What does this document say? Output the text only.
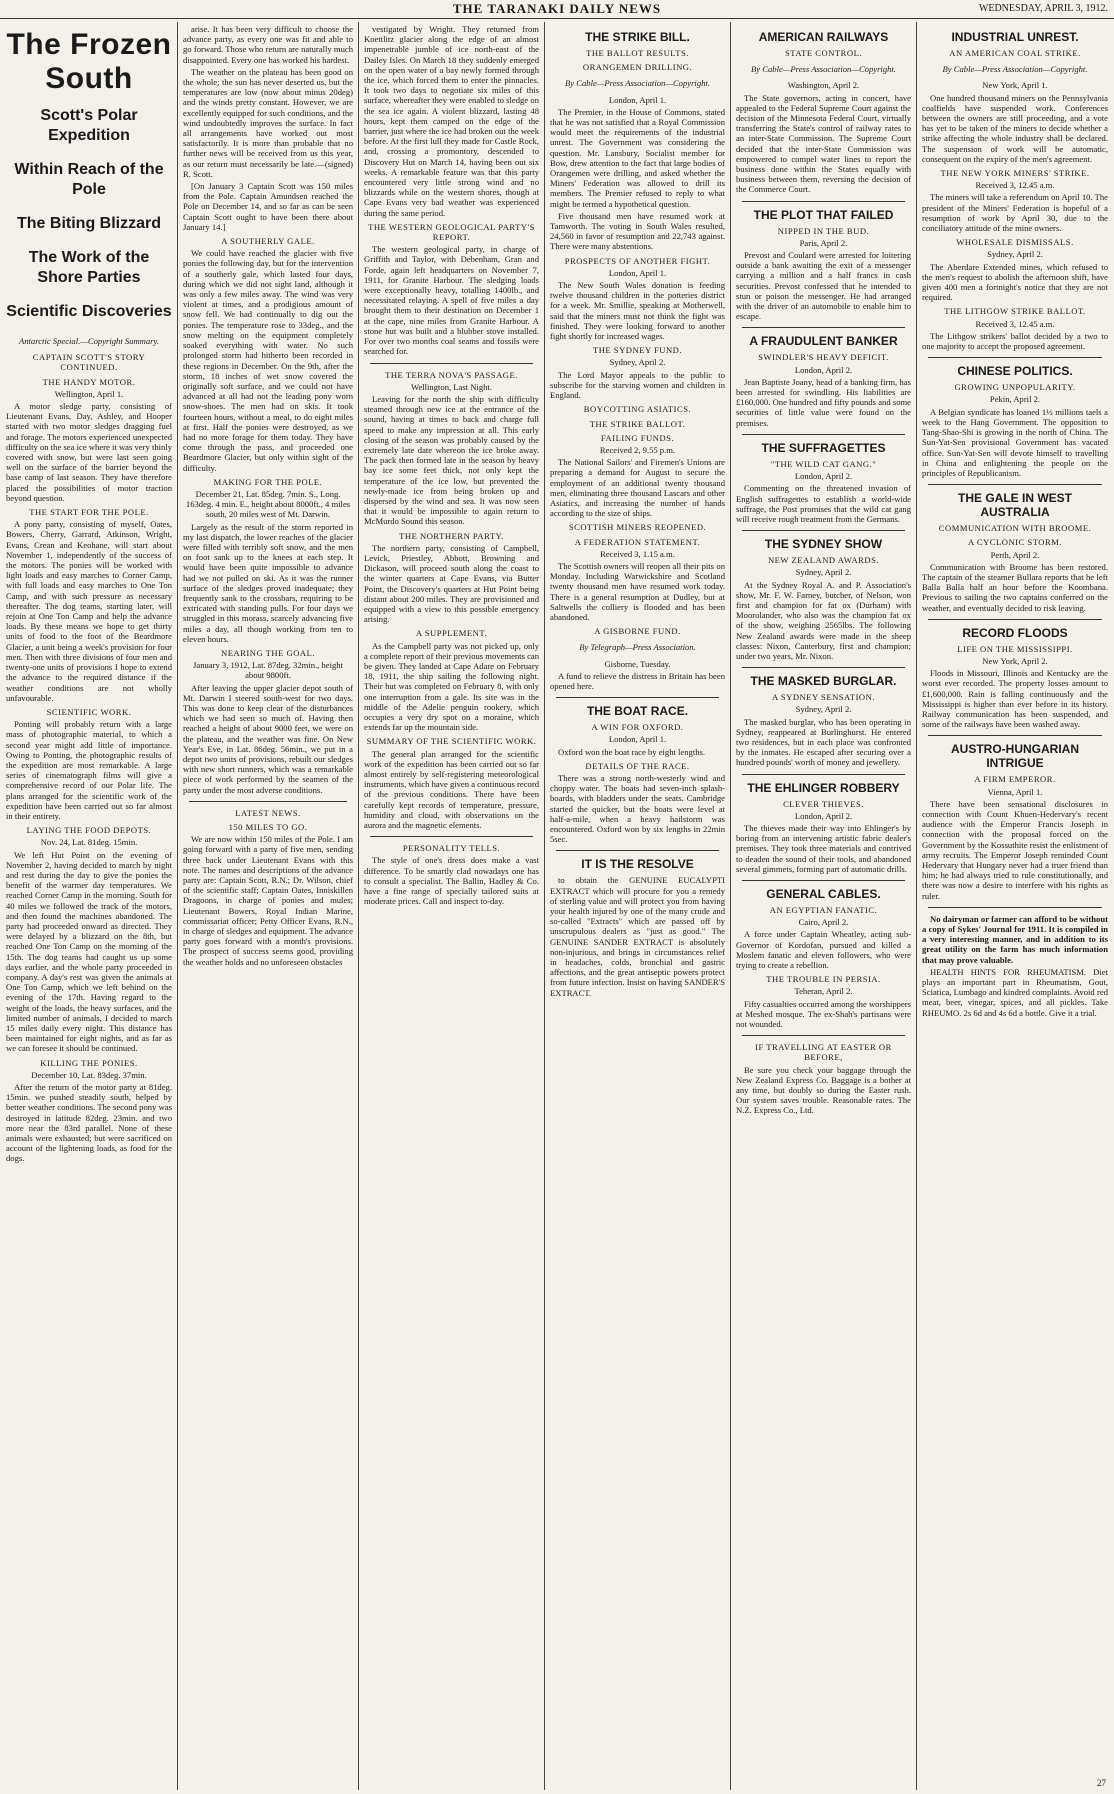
THE TARANAKI DAILY NEWS	WEDNESDAY, APRIL 3, 1912.
The Frozen South
Scott's Polar Expedition
Within Reach of the Pole
The Biting Blizzard
The Work of the Shore Parties
Scientific Discoveries
Antarctic Special.—Copyright Summary.
CAPTAIN SCOTT'S STORY CONTINUED.
THE HANDY MOTOR.
Wellington, April 1.

A motor sledge party, consisting of Lieutenant Evans, Day, Ashley, and Hooper started with two motor sledges dragging fuel and forage. The motors experienced unexpected difficulty on the sea ice where it was very thinly covered with snow, but were last seen going well on the surface of the barrier beyond the base camp of last season. They have therefore placed the possibilities of motor traction beyond question.

THE START FOR THE POLE.

A pony party, consisting of myself, Oates, Bowers, Cherry, Garrard, Atkinson, Wright, Evans, Crean and Keohane, will start about November 1, independently of the success of the motors. The ponies will be worked with light loads and easy marches to Corner Camp, with full loads and easy marches to One Ton Camp, and with such pressure as necessary thereafter. The dog teams, starting later, will rejoin at One Ton Camp and help the advance loads. By these means we hope to get thirty units of food to the foot of the Beardmore Glacier, a unit being a week's provision for four men. Then with three divisions of four men and twenty-one units of provisions I hope to extend the advance to the required distance if the weather conditions are not wholly unfavourable.

SCIENTIFIC WORK.

Ponting will probably return with a large mass of photographic material, to which a second year might add little of importance. Owing to Ponting, the photographic results of the expedition are most remarkable. A large series of cinematograph films will give a comprehensive record of our Polar life. The plans arranged for the scientific work of the expedition have been carried out so far almost in their entirety.

LAYING THE FOOD DEPOTS.
Nov. 24, Lat. 81deg. 15min.

We left Hut Point on the evening of November 2, having decided to march by night and rest during the day to give the ponies the benefit of the warmer day temperatures. We reached Corner Camp in the morning. South for 40 miles we followed the track of the motors, and then found the machines abandoned. The party had proceeded onward as directed. They were delayed by a blizzard on the 8th, but reached One Ton Camp on the morning of the 15th. The dog teams had caught us up some days earlier, and the whole party proceeded in company. A day's rest was given the animals at One Ton Camp, which we left behind on the evening of the 17th. Having regard to the weight of the loads, the heavy surfaces, and the limited number of animals, I decided to march 15 miles daily every night. This distance has been maintained for eight nights, and as far as we can foresee it should be continued.

KILLING THE PONIES.
December 10, Lat. 83deg. 37min.

After the return of the motor party at 81deg. 15min. we pushed steadily south, helped by better weather conditions. The second pony was destroyed in latitude 82deg. 23min. and two more near the 83rd parallel. None of these animals were exhausted; but were sacrificed on account of the lightening loads, as food for the dogs.

arise. It has been very difficult to choose the advance party, as every one was fit and able to go forward. Those who return are naturally much disappointed. Every one has worked his hardest.

The weather on the plateau has been good on the whole; the sun has never deserted us, but the temperatures are low (now about minus 20deg) and the winds pretty constant. However, we are excellently equipped for such conditions, and the wind undoubtedly improves the surface. In fact all arrangements have worked out most satisfactorily. It is more than probable that no further news will be received from us this year, as our return must necessarily be late.—(signed) R. Scott.

[On January 3 Captain Scott was 150 miles from the Pole. Captain Amundsen reached the Pole on December 14, and so far as can be seen Captain Scott ought to have been there about January 14.]

A SOUTHERLY GALE.

We could have reached the glacier with five ponies the following day, but for the intervention of a southerly gale, which lasted four days, during which we did not sight land, although it was only a few miles away. The wind was very violent at times, and a prodigious amount of snow fell. We had continually to dig out the ponies. The temperature rose to 33deg., and the snow melting on the equipment completely soaked everything with water. No such prolonged storm had hitherto been recorded in these regions in December. On the 9th, after the storm, 18 inches of wet snow covered the originally soft surface, and we could not have advanced at all had not the leading pony worn snow-shoes. The men had on skis. It took fourteen hours, without a meal, to do eight miles at first. Half the ponies were destroyed, as we had no more forage for them today. They have come through the pass, and proceeded one Beardmore Glacier, but only within sight of the difficulty.

MAKING FOR THE POLE.
December 21, Lat. 85deg. 7min. S., Long. 163deg. 4 min. E., height about 8000ft., 4 miles south, 20 miles west of Mt. Darwin.

Largely as the result of the storm reported in my last dispatch, the lower reaches of the glacier were filled with terribly soft snow, and the men on foot sank up to the knees at each step. It would have been quite impossible to advance had we not pulled on ski. As it was the runner surface of the sledges proved inadequate; they frequently sank to the crossbars, requiring to be extricated with standing pulls. For four days we struggled in this morass, scarcely advancing five miles a day, all though working from ten to eleven hours.

NEARING THE GOAL.
January 3, 1912, Lat. 87deg. 32min., height about 9800ft.

After leaving the upper glacier depot south of Mt. Darwin I steered south-west for two days. This was done to keep clear of the disturbances which we had seen so much of. Having then reached a height of about 9000 feet, we were on the plateau, and the weather was fine. On New Year's Eve, in Lat. 86deg. 56min., we put in a depot two units of provisions, rebuilt our sledges with new short runners, which was a remarkable piece of work performed by the seamen of the party under the most adverse conditions.

LATEST NEWS.
150 MILES TO GO.

We are now within 150 miles of the Pole. I am going forward with a party of five men, sending three back under Lieutenant Evans with this note. The names and descriptions of the advance party are: Captain Scott, R.N.; Dr. Wilson, chief of the scientific staff; Captain Oates, Inniskillen Dragoons, in charge of ponies and mules; Lieutenant Bowers, Royal Indian Marine, commissariat officer; Petty Officer Evans, R.N., in charge of sledges and equipment. The advance party goes forward with a month's provisions. The prospect of success seems good, providing the weather holds and no unforeseen obstacles

vestigated by Wright. They returned from Koettlitz glacier along the edge of an almost impenetrable jumble of ice north-east of the Dailey Isles. On March 18 they suddenly emerged on the open water of a bay newly formed through the ice, which forced them to enter the pinnacles. It took two days to negotiate six miles of this surface, whereafter they were enabled to sledge on the sea ice again. A violent blizzard, lasting 48 hours, kept them camped on the edge of the barrier, just where the ice had broken out the week before. At the first lull they made for Castle Rock, and, crossing a promontory, descended to Discovery Hut on March 14, having been out six weeks. A remarkable feature was that this party encountered very little strong wind and no blizzards while on the western shores, though at Cape Evans very bad weather was experienced during the same period.

THE WESTERN GEOLOGICAL PARTY'S REPORT.

The western geological party, in charge of Griffith and Taylor, with Debenham, Gran and Forde, again left headquarters on November 7, 1911, for Granite Harbour. The sledging loads were exceptionally heavy, totalling 1400lb., and necessitated relaying. A spell of five miles a day brought them to their destination on December 1 at the cape, nine miles from Granite Harbour. A stone hut was built and a blubber stove installed. For over two months coal seams and fossils were searched for.

THE TERRA NOVA'S PASSAGE.
Wellington, Last Night.

Leaving for the north the ship with difficulty steamed through new ice at the entrance of the sound, having at times to back and charge full speed to make any impression at all. This early closing of the season was probably caused by the extremely late date whereon the ice broke away. The pack then formed late in the season by heavy bay ice some feet thick, not only kept the temperature of the ice low, but prevented the newly-made ice from being broken up and dispersed by the wind and sea. It was now seen that it would be impossible to again return to McMurdo Sound this season.

THE NORTHERN PARTY.

The northern party, consisting of Campbell, Levick, Priestley, Abbott, Browning and Dickason, will proceed south along the coast to the winter quarters at Cape Evans, via Butter Point, the Discovery's quarters at Hut Point being distant about 200 miles. They are provisioned and equipped with a view to this possible emergency arising.

A SUPPLEMENT.

As the Campbell party was not picked up, only a complete report of their previous movements can be given. They landed at Cape Adare on February 18, 1911, the ship sailing the following night. Their hut was completed on February 8, with only one interruption from a gale. Its site was in the middle of the Adelie penguin rookery, which occupies a very dry spot on a moraine, which extends far up the mountain side.

SUMMARY OF THE SCIENTIFIC WORK.

The general plan arranged for the scientific work of the expedition has been carried out so far almost entirely by self-registering meteorological instruments, which have given a continuous record of the previous conditions. There have been carefully kept records of temperature, pressure, humidity and cloud, with observations on the aurora and the magnetic elements.

PERSONALITY TELLS.

The style of one's dress does make a vast difference. To be smartly clad nowadays one has to consult a specialist. The Ballin, Hadley & Co. have a fine range of specially tailored suits at moderate prices. Call and inspect to-day.

THE STRIKE BILL.
THE BALLOT RESULTS.
ORANGEMEN DRILLING.
By Cable—Press Association—Copyright.
London, April 1.

The Premier, in the House of Commons, stated that he was not satisfied that a Royal Commission would meet the requirements of the industrial unrest. The Government was considering the question. Mr. Lansbury, Socialist member for Bow, drew attention to the fact that large bodies of Orangemen were drilling, and asked whether the Miners' Federation was allowed to drill its members. The Premier refused to reply to what might be termed a hypothetical question.

Five thousand men have resumed work at Tamworth. The voting in South Wales resulted, 24,560 in favor of resumption and 22,743 against. There were many abstentions.

PROSPECTS OF ANOTHER FIGHT.
London, April 1.

The New South Wales donation is feeding twelve thousand children in the potteries district for a week. Mr. Smillie, speaking at Motherwell, said that the miners must not think the fight was finished. They were looking forward to another fight shortly for increased wages.

THE SYDNEY FUND.
Sydney, April 2.

The Lord Mayor appeals to the public to subscribe for the starving women and children in England.

BOYCOTTING ASIATICS.
THE STRIKE BALLOT.
FAILING FUNDS.
Received 2, 9.55 p.m.

The National Sailors' and Firemen's Unions are preparing a demand for August to secure the employment of an additional twenty thousand men, eliminating three thousand Lascars and other Asiatics, and increasing the number of hands according to the size of ships.

SCOTTISH MINERS REOPENED.
A FEDERATION STATEMENT.
Received 3, 1.15 a.m.

The Scottish owners will reopen all their pits on Monday. Including Warwickshire and Scotland twenty thousand men have resumed work today. There is a general resumption at Dudley, but at Saltwells the colliery is flooded and has been abandoned.

A GISBORNE FUND.
By Telegraph—Press Association.
Gisborne, Tuesday.

A fund to relieve the distress in Britain has been opened here.

THE BOAT RACE.
A WIN FOR OXFORD.
London, April 1.

Oxford won the boat race by eight lengths.

DETAILS OF THE RACE.

There was a strong north-westerly wind and choppy water. The boats had seven-inch splash-boards, with bladders under the seats. Cambridge started the quicker, but the boats were level at half-a-mile, when a heavy hailstorm was encountered. Oxford won by six lengths in 22min 5sec.

IT IS THE RESOLVE

to obtain the GENUINE EUCALYPTI EXTRACT which will procure for you a remedy of sterling value and will protect you from having your health injured by one of the many crude and so-called "Extracts" which are passed off by unscrupulous dealers as "just as good." The GENUINE SANDER EXTRACT is absolutely non-injurious, and brings in circumstances relief in headaches, colds, bronchial and gastric affections, and the great antiseptic powers protect from future infection. Insist on having SANDER'S EXTRACT.

AMERICAN RAILWAYS
STATE CONTROL.
By Cable—Press Association—Copyright.
Washington, April 2.

The State governors, acting in concert, have appealed to the Federal Supreme Court against the decision of the Minnesota Federal Court, virtually transferring the State's control of railway rates to an inter-State Commission. The Supreme Court decided that the inter-State Commission was empowered to compel water lines to report the business done within the States equally with business between them, reversing the decision of the Commerce Court.

THE PLOT THAT FAILED
NIPPED IN THE BUD.
Paris, April 2.

Prevost and Coulard were arrested for loitering outside a bank awaiting the exit of a messenger carrying a million and a half francs in cash securities. Prevost confessed that he intended to stun or poison the messenger. He had arranged with the driver of an automobile to enable him to escape.

A FRAUDULENT BANKER
SWINDLER'S HEAVY DEFICIT.
London, April 2.

Jean Baptiste Joany, head of a banking firm, has been arrested for swindling. His liabilities are £160,000. One hundred and fifty pounds and some securities of little value were found on the premises.

THE SUFFRAGETTES
"THE WILD CAT GANG."
London, April 2.

Commenting on the threatened invasion of English suffragettes to establish a world-wide suffrage, the Post promises that the wild cat gang will receive rough treatment from the Germans.

THE SYDNEY SHOW
NEW ZEALAND AWARDS.
Sydney, April 2.

At the Sydney Royal A. and P. Association's show, Mr. F. W. Farney, butcher, of Nelson, won first and champion for fat ox (Durham) with Moorolander, who also was the champion fat ox of the show, weighing 2565lbs. The following New Zealand awards were made in the sheep classes: Nixon, Canterbury, first and champion; under two years, Mr. Nixon.

THE MASKED BURGLAR.
A SYDNEY SENSATION.
Sydney, April 2.

The masked burglar, who has been operating in Sydney, reappeared at Burlinghurst. He entered two residences, but in each place was confronted by the inmates. He escaped after securing over a hundred pounds' worth of money and jewellery.

THE EHLINGER ROBBERY
CLEVER THIEVES.
London, April 2.

The thieves made their way into Ehlinger's by boring from an intervening artistic fabric dealer's premises. They took three materials and contrived to deaden the sound of their tools, and abandoned several gimmets, forming part of automatic drills.

GENERAL CABLES.
AN EGYPTIAN FANATIC.
Cairo, April 2.

A force under Captain Wheatley, acting sub-Governor of Kordofan, pursued and killed a Moslem fanatic and eleven followers, who were trying to create a rebellion.

THE TROUBLE IN PERSIA.
Teheran, April 2.

Fifty casualties occurred among the worshippers at Meshed mosque. The ex-Shah's partisans were not wounded.

IF TRAVELLING AT EASTER OR BEFORE,

Be sure you check your baggage through the New Zealand Express Co. Baggage is a bother at any time, but doubly so during the Easter rush. Our system saves trouble. Reasonable rates. The N.Z. Express Co., Ltd.

INDUSTRIAL UNREST.
AN AMERICAN COAL STRIKE.
By Cable—Press Association—Copyright.
New York, April 1.

One hundred thousand miners on the Pennsylvania coalfields have suspended work. Conferences between the owners are still proceeding, and a vote has yet to be taken of the miners to decide whether a strike affecting the whole industry shall be declared. The suspension of work will be automatic, consequent on the expiry of the men's agreement.

THE NEW YORK MINERS' STRIKE.
Received 3, 12.45 a.m.

The miners will take a referendum on April 10. The president of the Miners' Federation is hopeful of a resumption of work by April 30, due to the conciliatory attitude of the mine owners.

WHOLESALE DISMISSALS.
Sydney, April 2.

The Aberdare Extended mines, which refused to the men's request to abolish the afternoon shift, have given 400 men a fortnight's notice that they are not required.

THE LITHGOW STRIKE BALLOT.
Received 3, 12.45 a.m.

The Lithgow strikers' ballot decided by a two to one majority to accept the proposed agreement.

CHINESE POLITICS.
GROWING UNPOPULARITY.
Pekin, April 2.

A Belgian syndicate has loaned 1½ millions taels a week to the Hang Government. The opposition to Tang-Shao-Shi is growing in the north of China. The Sun-Yat-Sen provisional Government has vacated office. Sun-Yat-Sen will devote himself to travelling in China and enlightening the people on the principles of Republicanism.

THE GALE IN WEST AUSTRALIA
COMMUNICATION WITH BROOME.
A CYCLONIC STORM.
Perth, April 2.

Communication with Broome has been restored. The captain of the steamer Bullara reports that he left Balla Balla half an hour before the Koombana. Previous to sailing the two captains conferred on the weather, and eventually decided to risk leaving.

RECORD FLOODS
LIFE ON THE MISSISSIPPI.
New York, April 2.

Floods in Missouri, Illinois and Kentucky are the worst ever recorded. The property losses amount to £1,600,000. Rain is falling continuously and the Mississippi is higher than ever before in its history. Railway communication has been suspended, and some of the railways have been washed away.

AUSTRO-HUNGARIAN INTRIGUE
A FIRM EMPEROR.
Vienna, April 1.

There have been sensational disclosures in connection with Count Khuen-Hedervary's recent audience with the Emperor Francis Joseph in connection with the proposal forced on the Government by the Kossuthite resist the enlistment of army recruits. The Emperor Joseph reminded Count Hedervary that Hungary never had a truer friend than him; he had always tried to rule constitutionally, and there was now a desire to interfere with his rights as ruler.

No dairyman or farmer can afford to be without a copy of Sykes' Journal for 1911. It is compiled in a very interesting manner, and in addition to its great utility on the farm has much information that may prove valuable.

HEALTH HINTS FOR RHEUMATISM. Diet plays an important part in Rheumatism, Gout, Sciatica, Lumbago and kindred complaints. Avoid red meat, beer, vinegar, spices, and all pickles. Take RHEUMO. 2s 6d and 4s 6d a bottle. Give it a trial.

27
